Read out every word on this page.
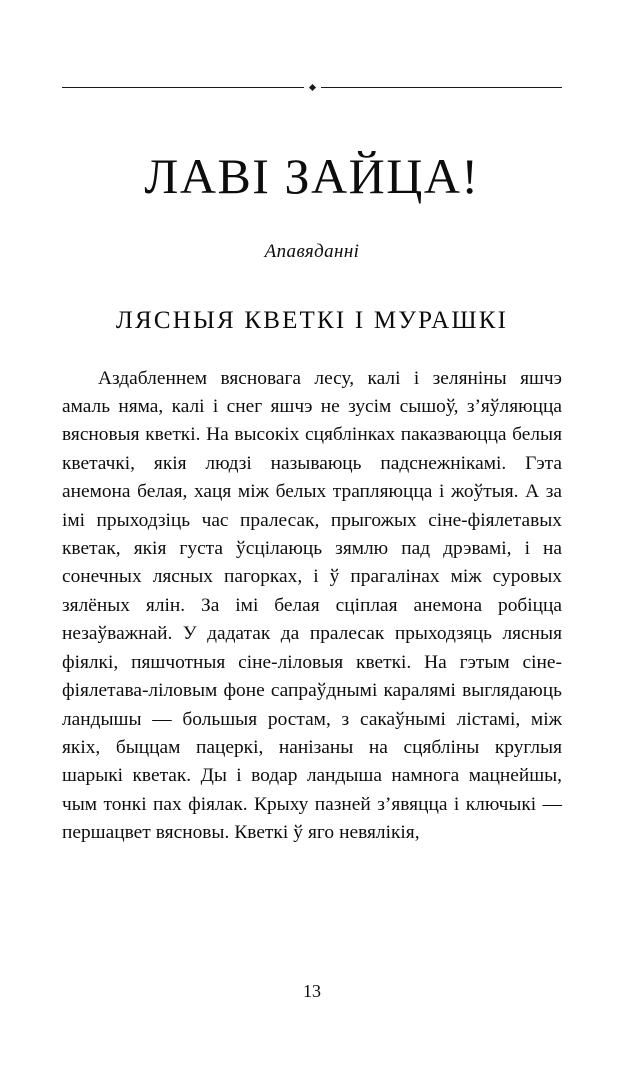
ЛАВІ ЗАЙЦА!
Апавяданні
ЛЯСНЫЯ КВЕТКІ І МУРАШКІ

Аздабленнем вясновага лесу, калі і зеляніны яшчэ амаль няма, калі і снег яшчэ не зусім сышоў, з’яўляюцца вясновыя кветкі. На высокіх сцяблінках паказваюцца белыя кветачкі, якія людзі называюць падснежнікамі. Гэта анемона белая, хаця між белых трапляюцца і жоўтыя. А за імі прыходзіць час пралесак, прыгожых сіне-фіялетавых кветак, якія густа ўсцілаюць зямлю пад дрэвамі, і на сонечных лясных пагорках, і ў прагалінах між суровых зялёных ялін. За імі белая сціплая анемона робіцца незаўважнай. У дадатак да пралесак прыходзяць лясныя фіялкі, пяшчотныя сіне-ліловыя кветкі. На гэтым сіне-фіялетава-ліловым фоне сапраўднымі каралямі выглядаюць ландышы — большыя ростам, з сакаўнымі лістамі, між якіх, быццам пацеркі, нанізаны на сцябліны круглыя шарыкі кветак. Ды і водар ландыша намнога мацнейшы, чым тонкі пах фіялак. Крыху пазней з’явяцца і ключыкі — першацвет вясновы. Кветкі ў яго невялікія,

13
